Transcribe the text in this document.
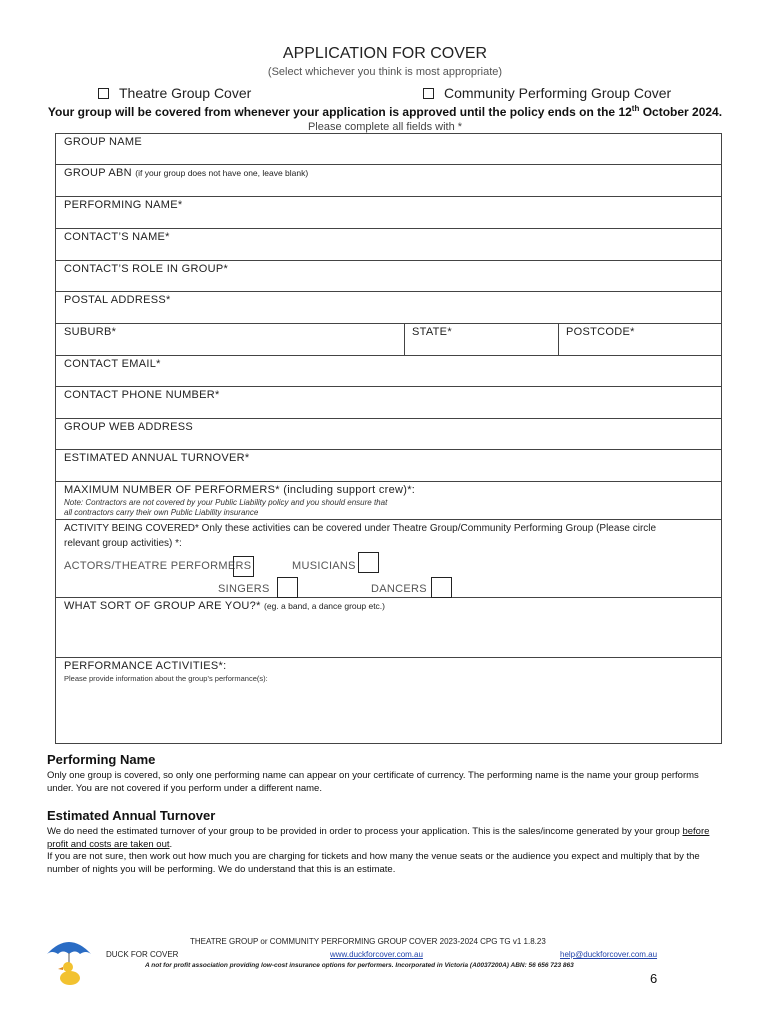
APPLICATION FOR COVER
(Select whichever you think is most appropriate)
Theatre Group Cover	Community Performing Group Cover
Your group will be covered from whenever your application is approved until the policy ends on the 12th October 2024.
Please complete all fields with *
GROUP NAME
GROUP ABN (if your group does not have one, leave blank)
PERFORMING NAME*
CONTACT’S NAME*
CONTACT’S ROLE IN GROUP*
POSTAL ADDRESS*
SUBURB*	STATE*	POSTCODE*
CONTACT EMAIL*
CONTACT PHONE NUMBER*
GROUP WEB ADDRESS
ESTIMATED ANNUAL TURNOVER*
MAXIMUM NUMBER OF PERFORMERS* (including support crew)*:
Note: Contractors are not covered by your Public Liability policy and you should ensure that
all contractors carry their own Public Liability insurance
ACTIVITY BEING COVERED* Only these activities can be covered under Theatre Group/Community Performing Group (Please circle
relevant group activities) *:
ACTORS/THEATRE PERFORMERS	MUSICIANS
SINGERS	DANCERS
WHAT SORT OF GROUP ARE YOU?* (eg. a band, a dance group etc.)
PERFORMANCE ACTIVITIES*:
Please provide information about the group’s performance(s):
Performing Name
Only one group is covered, so only one performing name can appear on your certificate of currency. The performing name is the name your group performs under. You are not covered if you perform under a different name.
Estimated Annual Turnover
We do need the estimated turnover of your group to be provided in order to process your application. This is the sales/income generated by your group before profit and costs are taken out.
If you are not sure, then work out how much you are charging for tickets and how many the venue seats or the audience you expect and multiply that by the number of nights you will be performing. We do understand that this is an estimate.
THEATRE GROUP or COMMUNITY PERFORMING GROUP COVER 2023-2024 CPG TG v1 1.8.23
DUCK FOR COVER	www.duckforcover.com.au	help@duckforcover.com.au
A not for profit association providing low-cost insurance options for performers. Incorporated in Victoria (A0037200A) ABN: 56 656 723 863
6
